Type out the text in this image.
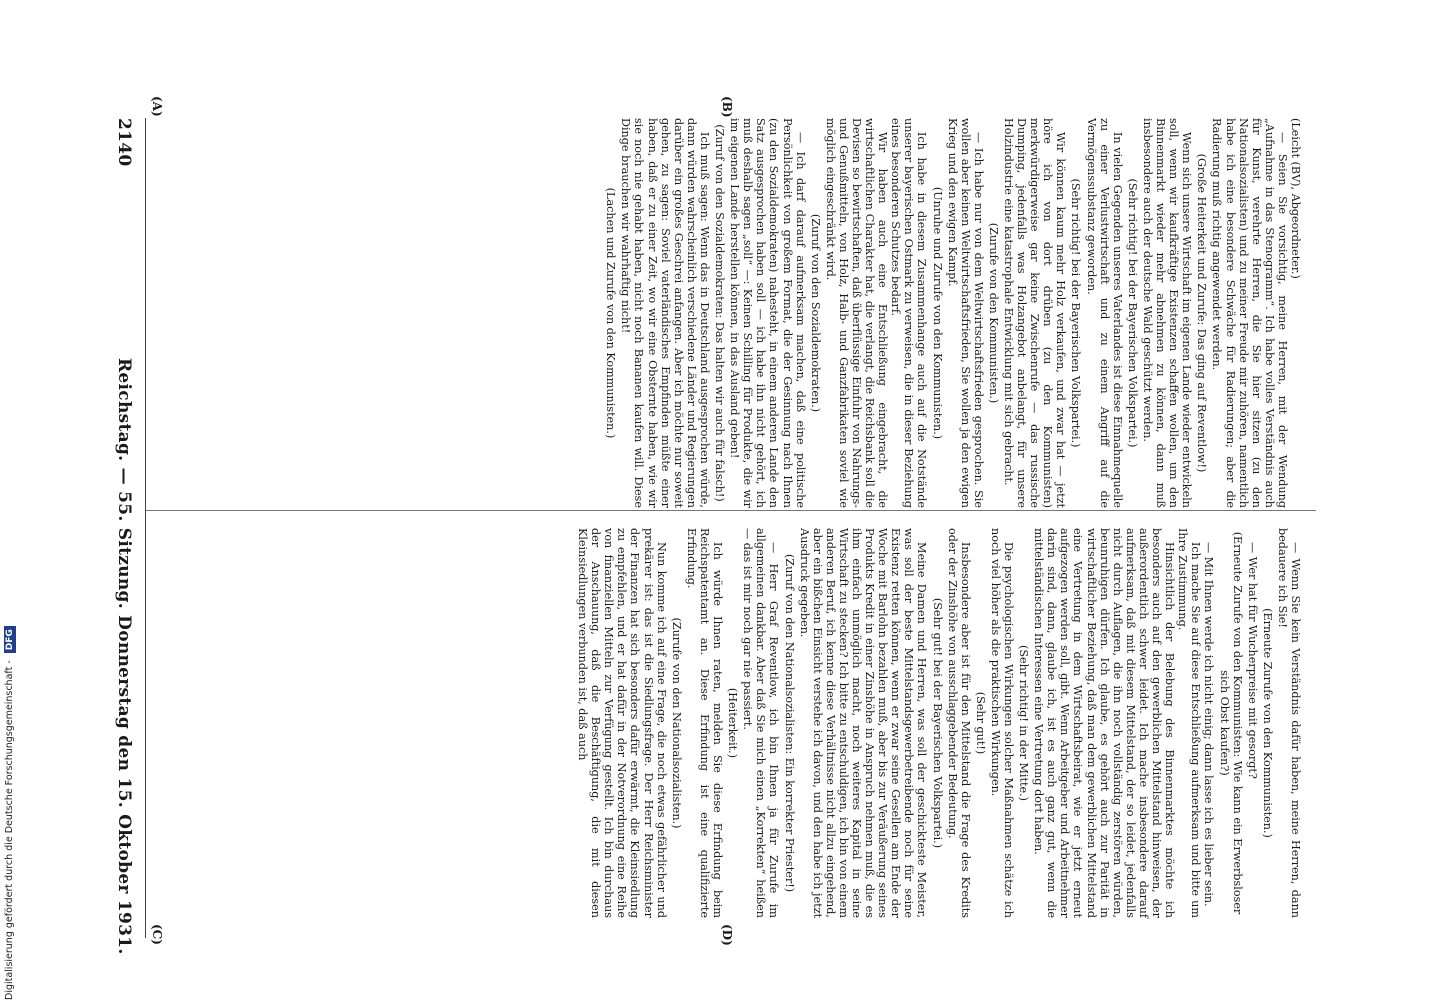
2140
Reichstag. — 55. Sitzung. Donnerstag den 15. Oktober 1931.

(Leicht (BV), Abgeordneter.)

— Seien Sie vorsichtig, meine Herren, mit der Wendung „Aufnahme in das Stenogramm“. Ich habe volles Verständnis auch für Kunst, verehrte Herren, die Sie hier sitzen (zu den Nationalsozialisten) und zu meiner Freude mir zuhören, namentlich habe ich eine besondere Schwäche für Radierungen; aber die Radierung muß richtig angewendet werden.

(Große Heiterkeit und Zurufe: Das ging auf Reventlow!)

Wenn sich unsere Wirtschaft im eigenen Lande wieder entwickeln soll, wenn wir kaufkräftige Existenzen schaffen wollen, um den Binnenmarkt wieder mehr abnehmen zu können, dann muß insbesondere auch der deutsche Wald geschützt werden.

(Sehr richtig! bei der Bayerischen Volkspartei.)

In vielen Gegenden unseres Vaterlandes ist diese Einnahmequelle zu einer Verlustwirtschaft und zu einem Angriff auf die Vermögenssubstanz geworden.

(Sehr richtig! bei der Bayerischen Volkspartei.)

Wir können kaum mehr Holz verkaufen, und zwar hat — jetzt höre ich von dort drüben (zu den Kommunisten) merkwürdigerweise gar keine Zwischenrufe — das russische Dumping, jedenfalls was Holzangebot anbelangt, für unsere Holzindustrie eine katastrophale Entwicklung mit sich gebracht.

(Zurufe von den Kommunisten.)

— Ich habe nur von dem Weltwirtschaftsfrieden gesprochen. Sie wollen aber keinen Weltwirtschaftsfrieden, Sie wollen ja den ewigen Krieg und den ewigen Kampf.

(Unruhe und Zurufe von den Kommunisten.)

Ich habe in diesem Zusammenhange auch auf die Notstände unserer bayerischen Ostmark zu verweisen, die in dieser Beziehung eines besonderen Schutzes bedarf.

Wir haben auch eine Entschließung eingebracht, die wirtschaftlichen Charakter hat, die verlangt, die Reichsbank soll die Devisen so bewirtschaften, daß überflüssige Einfuhr von Nahrungs- und Genußmitteln, von Holz, Halb- und Ganzfabrikaten soviel wie möglich eingeschränkt wird.

(Zuruf von den Sozialdemokraten.)

— Ich darf darauf aufmerksam machen, daß eine politische Persönlichkeit von großem Format, die der Gesinnung nach Ihnen (zu den Sozialdemokraten) nahesteht, in einem anderen Lande den Satz ausgesprochen haben soll — ich habe ihn nicht gehört, ich muß deshalb sagen „soll“ —: Keinen Schilling für Produkte, die wir im eigenen Lande herstellen können, in das Ausland geben!

(Zuruf von den Sozialdemokraten: Das halten wir auch für falsch!)

Ich muß sagen: Wenn das in Deutschland ausgesprochen würde, dann würden wahrscheinlich verschiedene Länder und Regierungen darüber ein großes Geschrei anfangen. Aber ich möchte nur soweit gehen, zu sagen: Soviel vaterländisches Empfinden müßte einer haben, daß er zu einer Zeit, wo wir eine Obsternte haben, wie wir sie noch nie gehabt haben, nicht noch Bananen kaufen will. Diese Dinge brauchen wir wahrhaftig nicht!

(Lachen und Zurufe von den Kommunisten.)

— Wenn Sie kein Verständnis dafür haben, meine Herren, dann bedauere ich Sie!

(Erneute Zurufe von den Kommunisten.)

— Wer hat für Wucherpreise mit gesorgt?

(Erneute Zurufe von den Kommunisten: Wie kann ein Erwerbsloser sich Obst kaufen?)

— Mit Ihnen werde ich nicht einig; dann lasse ich es lieber sein.

Ich mache Sie auf diese Entschließung aufmerksam und bitte um Ihre Zustimmung.

Hinsichtlich der Belebung des Binnenmarktes möchte ich besonders auch auf den gewerblichen Mittelstand hinweisen, der außerordentlich schwer leidet. Ich mache insbesondere darauf aufmerksam, daß mit diesem Mittelstand, der so leidet, jedenfalls nicht durch Auflagen, die ihn noch vollständig zerstören würden, beunruhigen dürfen. Ich glaube, es gehört auch zur Parität in wirtschaftlicher Beziehung, daß man dem gewerblichen Mittelstand eine Vertretung in dem Wirtschaftsbeirat, wie er jetzt erneut aufgezogen werden soll, gibt. Wenn Arbeitgeber und Arbeitnehmer darin sind, dann, glaube ich, ist es auch ganz gut, wenn die mittelständischen Interessen eine Vertretung dort haben.

(Sehr richtig! in der Mitte.)

Die psychologischen Wirkungen solcher Maßnahmen schätze ich noch viel höher als die praktischen Wirkungen.

(Sehr gut!)

Insbesondere aber ist für den Mittelstand die Frage des Kredits oder der Zinshöhe von ausschlaggebender Bedeutung.

(Sehr gut! bei der Bayerischen Volkspartei.)

Meine Damen und Herren, was soll der geschickteste Meister, was soll der beste Mittelstandsgewerbetreibende noch für seine Existenz retten können, wenn er zwar seine Gesellen am Ende der Woche mit Barlohn bezahlen muß, aber bis zur Veräußerung seines Produkts Kredit in einer Zinshöhe in Anspruch nehmen muß, die es ihm einfach unmöglich macht, noch weiteres Kapital in seine Wirtschaft zu stecken? Ich bitte zu entschuldigen, ich bin von einem anderen Beruf, ich kenne diese Verhältnisse nicht allzu eingehend, aber ein bißchen Einsicht verstehe ich davon, und den habe ich jetzt Ausdruck gegeben.

(Zuruf von den Nationalsozialisten: Ein korrekter Priester!)

— Herr Graf Reventlow, ich bin Ihnen ja für Zurufe im allgemeinen dankbar. Aber daß Sie mich einen „Korrekten“ heißen — das ist mir noch gar nie passiert.

(Heiterkeit.)

Ich würde Ihnen raten, melden Sie diese Erfindung beim Reichspatentamt an. Diese Erfindung ist eine qualifizierte Erfindung.

(Zurufe von den Nationalsozialisten.)

Nun komme ich auf eine Frage, die noch etwas gefährlicher und prekärer ist: das ist die Siedlungsfrage. Der Herr Reichsminister der Finanzen hat sich besonders dafür erwärmt, die Kleinsiedlung zu empfehlen, und er hat dafür in der Notverordnung eine Reihe von finanziellen Mitteln zur Verfügung gestellt. Ich bin durchaus der Anschauung, daß die Beschäftigung, die mit diesen Kleinsiedlungen verbunden ist, daß auch

(A)	(B)
(C)	(D)
Digitalisierung gefördert durch die Deutsche Forschungsgemeinschaft - DFG
